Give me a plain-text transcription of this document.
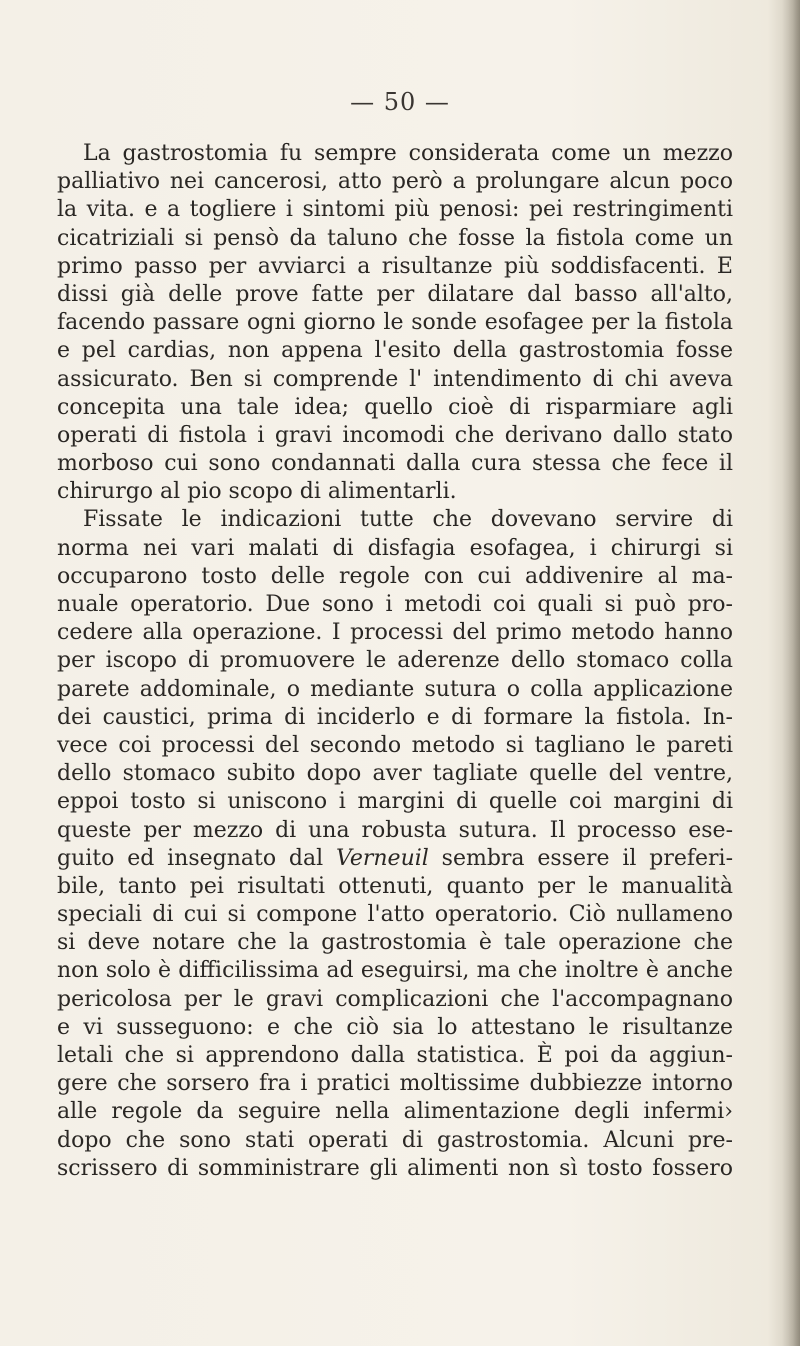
— 50 —
La gastrostomia fu sempre considerata come un mezzo
palliativo nei cancerosi, atto però a prolungare alcun poco
la vita. e a togliere i sintomi più penosi: pei restringimenti
cicatriziali si pensò da taluno che fosse la fistola come un
primo passo per avviarci a risultanze più soddisfacenti. E
dissi già delle prove fatte per dilatare dal basso all'alto,
facendo passare ogni giorno le sonde esofagee per la fistola
e pel cardias, non appena l'esito della gastrostomia fosse
assicurato. Ben si comprende l' intendimento di chi aveva
concepita una tale idea; quello cioè di risparmiare agli
operati di fistola i gravi incomodi che derivano dallo stato
morboso cui sono condannati dalla cura stessa che fece il
chirurgo al pio scopo di alimentarli.
Fissate le indicazioni tutte che dovevano servire di
norma nei vari malati di disfagia esofagea, i chirurgi si
occuparono tosto delle regole con cui addivenire al ma-
nuale operatorio. Due sono i metodi coi quali si può pro-
cedere alla operazione. I processi del primo metodo hanno
per iscopo di promuovere le aderenze dello stomaco colla
parete addominale, o mediante sutura o colla applicazione
dei caustici, prima di inciderlo e di formare la fistola. In-
vece coi processi del secondo metodo si tagliano le pareti
dello stomaco subito dopo aver tagliate quelle del ventre,
eppoi tosto si uniscono i margini di quelle coi margini di
queste per mezzo di una robusta sutura. Il processo ese-
guito ed insegnato dal Verneuil sembra essere il preferi-
bile, tanto pei risultati ottenuti, quanto per le manualità
speciali di cui si compone l'atto operatorio. Ciò nullameno
si deve notare che la gastrostomia è tale operazione che
non solo è difficilissima ad eseguirsi, ma che inoltre è anche
pericolosa per le gravi complicazioni che l'accompagnano
e vi susseguono: e che ciò sia lo attestano le risultanze
letali che si apprendono dalla statistica. È poi da aggiun-
gere che sorsero fra i pratici moltissime dubbiezze intorno
alle regole da seguire nella alimentazione degli infermi›
dopo che sono stati operati di gastrostomia. Alcuni pre-
scrissero di somministrare gli alimenti non sì tosto fossero
